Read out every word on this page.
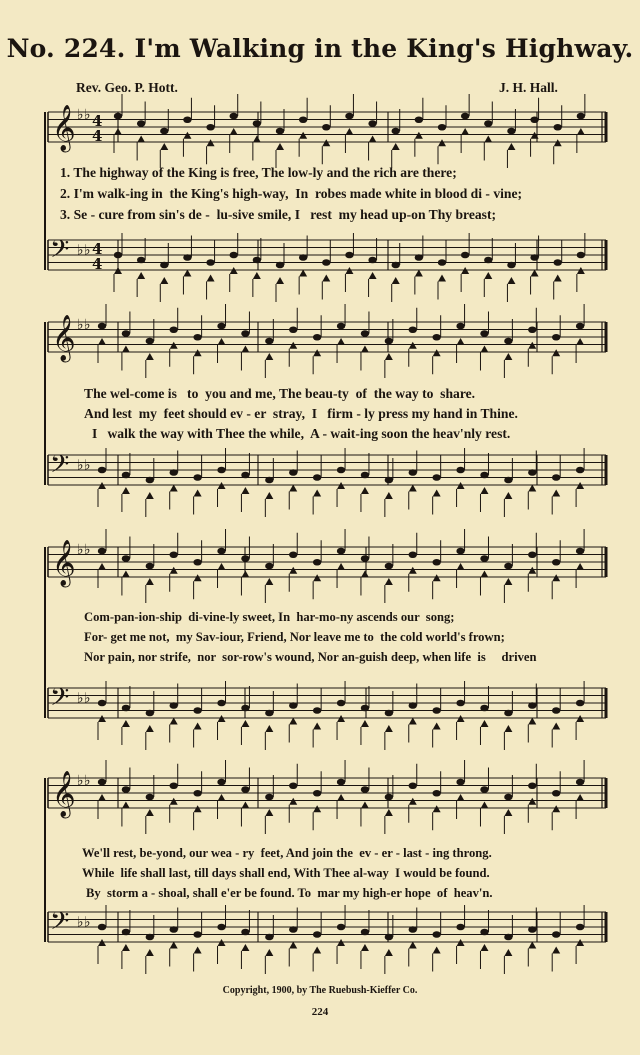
No. 224. I'm Walking in the King's Highway.
Rev. Geo. P. Hott.	J. H. Hall.
𝄞 ♭ ♭ 4
4
𝄞 ♭ ♭
𝄞 ♭ ♭
𝄞 ♭ ♭
𝄢 ♭ ♭ 4
4
𝄢 ♭ ♭
𝄢 ♭ ♭
𝄢 ♭ ♭
1. The highway of the King is free, The low-ly and the rich are there;
2. I'm walk-ing in  the King's high-way,  In  robes made white in blood di - vine;
3. Se - cure from sin's de -  lu-sive smile, I   rest  my head up-on Thy breast;
The wel-come is   to  you and me, The beau-ty  of  the way to  share.
And lest  my  feet should ev - er  stray,  I   firm - ly press my hand in Thine.
I   walk the way with Thee the while,  A - wait-ing soon the heav'nly rest.
Com-pan-ion-ship  di-vine-ly sweet, In  har-mo-ny ascends our  song;
For- get me not,  my Sav-iour, Friend, Nor leave me to  the cold world's frown;
Nor pain, nor strife,  nor  sor-row's wound, Nor an-guish deep, when life  is     driven
We'll rest, be-yond, our wea - ry  feet, And join the  ev - er - last - ing throng.
While  life shall last, till days shall end, With Thee al-way  I would be found.
By  storm a - shoal, shall e'er be found. To  mar my high-er hope  of  heav'n.
Copyright, 1900, by The Ruebush-Kieffer Co.
224
